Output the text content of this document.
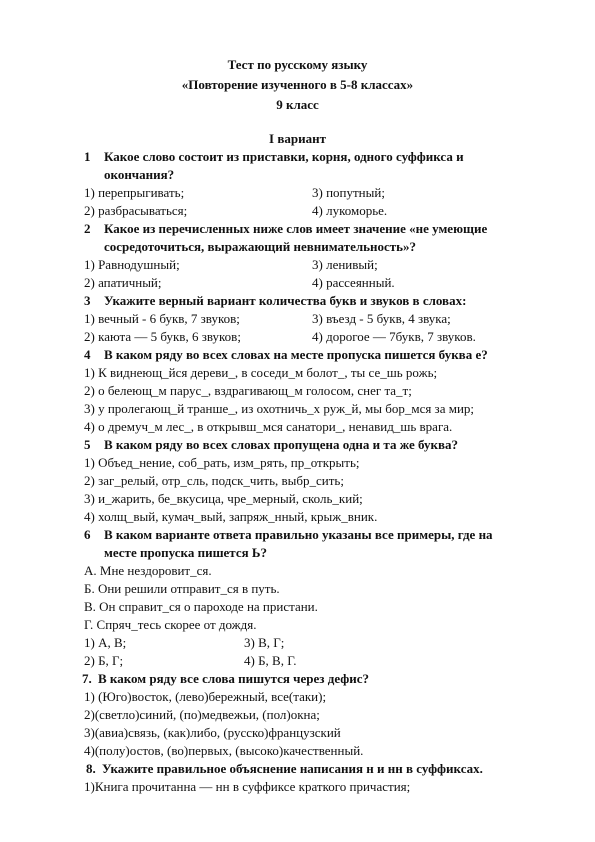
Тест по русскому языку
«Повторение изученного в 5-8 классах»
9 класс
I вариант
1	Какое слово состоит из приставки, корня, одного суффикса и окончания?
1) перепрыгивать;	3) попутный;
2) разбрасываться;	4) лукоморье.
2	Какое из перечисленных ниже слов имеет значение «не умеющие сосредоточиться, выражающий невнимательность»?
1) Равнодушный;	3) ленивый;
2) апатичный;	4) рассеянный.
3	Укажите верный вариант количества букв и звуков в словах:
1) вечный - 6 букв, 7 звуков;	3) въезд - 5 букв, 4 звука;
2) каюта — 5 букв, 6 звуков;	4) дорогое — 7букв, 7 звуков.
4	В каком ряду во всех словах на месте пропуска пишется буква е?
1) К виднеющ_йся дереви_, в соседи_м болот_, ты се_шь рожь;
2) о белеющ_м парус_, вздрагивающ_м голосом, снег та_т;
3) у пролегающ_й траншe_, из охотничь_х руж_й, мы бор_мся за мир;
4) о дремуч_м лес_, в открывш_мся санатори_, ненавид_шь врага.
5	В каком ряду во всех словах пропущена одна и та же буква?
1) Объед_нение, соб_рать, изм_рять, пр_открыть;
2) заг_релый, отр_сль, подск_чить, выбр_сить;
3) и_жарить, бе_вкусица, чре_мерный, сколь_кий;
4) холщ_вый, кумач_вый, запряж_нный, крыж_вник.
6	В каком варианте ответа правильно указаны все примеры, где на месте пропуска пишется Ь?
А. Мне нездоровит_ся.
Б. Они решили отправит_ся в путь.
В. Он справит_ся о пароходе на пристани.
Г. Спряч_тесь скорее от дождя.
1) А, В;	3) В, Г;
2) Б, Г;	4) Б, В, Г.
7. В каком ряду все слова пишутся через дефис?
1) (Юго)восток, (лево)бережный, все(таки);
2)(светло)синий, (по)медвежьи, (пол)окна;
3)(авиа)связь, (как)либо, (русско)французский
4)(полу)остов, (во)первых, (высоко)качественный.
8. Укажите правильное объяснение написания н и нн в суффиксах.
1)Книга прочитанна — нн в суффиксе краткого причастия;
